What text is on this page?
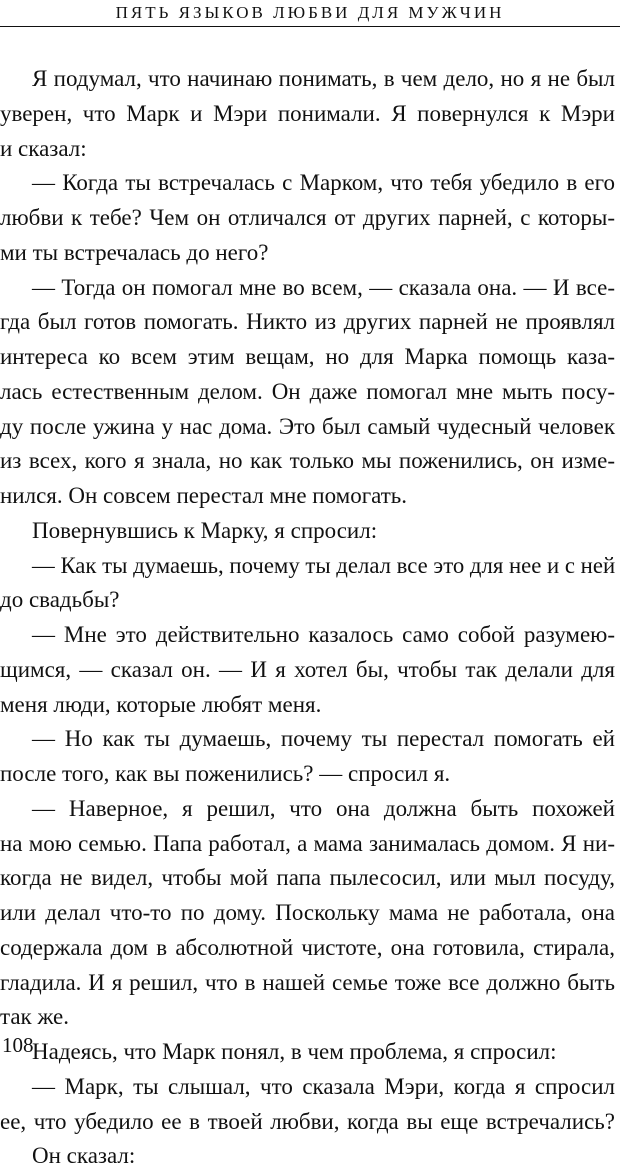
ПЯТЬ ЯЗЫКОВ ЛЮБВИ ДЛЯ МУЖЧИН
Я подумал, что начинаю понимать, в чем дело, но я не был
уверен, что Марк и Мэри понимали. Я повернулся к Мэри
и сказал:
— Когда ты встречалась с Марком, что тебя убедило в его
любви к тебе? Чем он отличался от других парней, с которы-
ми ты встречалась до него?
— Тогда он помогал мне во всем, — сказала она. — И все-
гда был готов помогать. Никто из других парней не проявлял
интереса ко всем этим вещам, но для Марка помощь каза-
лась естественным делом. Он даже помогал мне мыть посу-
ду после ужина у нас дома. Это был самый чудесный человек
из всех, кого я знала, но как только мы поженились, он изме-
нился. Он совсем перестал мне помогать.
Повернувшись к Марку, я спросил:
— Как ты думаешь, почему ты делал все это для нее и с ней
до свадьбы?
— Мне это действительно казалось само собой разумею-
щимся, — сказал он. — И я хотел бы, чтобы так делали для
меня люди, которые любят меня.
— Но как ты думаешь, почему ты перестал помогать ей
после того, как вы поженились? — спросил я.
— Наверное, я решил, что она должна быть похожей
на мою семью. Папа работал, а мама занималась домом. Я ни-
когда не видел, чтобы мой папа пылесосил, или мыл посуду,
или делал что-то по дому. Поскольку мама не работала, она
содержала дом в абсолютной чистоте, она готовила, стирала,
гладила. И я решил, что в нашей семье тоже все должно быть
так же.
Надеясь, что Марк понял, в чем проблема, я спросил:
— Марк, ты слышал, что сказала Мэри, когда я спросил
ее, что убедило ее в твоей любви, когда вы еще встречались?
Он сказал:
108
